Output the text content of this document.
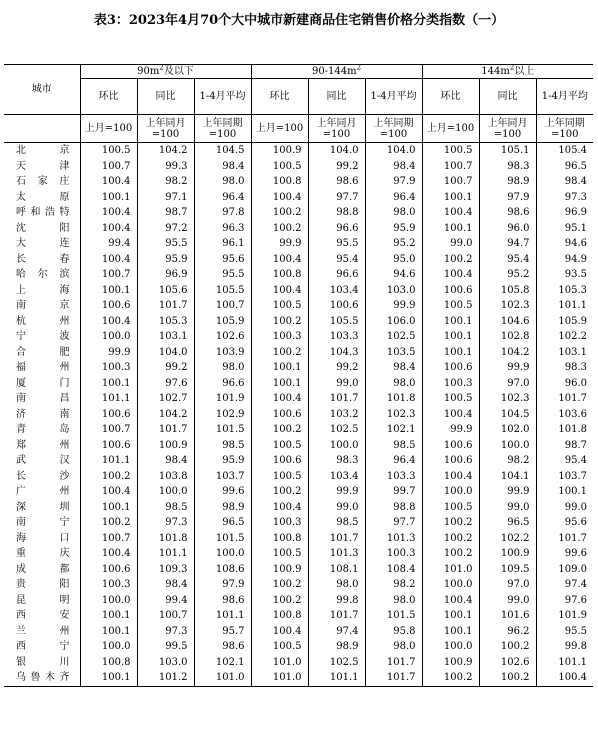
表3：2023年4月70个大中城市新建商品住宅销售价格分类指数（一）
城市	$90m^2$及以下			$90-144m^2$			$144m^2$以上		
	环比	同比	1-4月平均	环比	同比	1-4月平均	环比	同比	1-4月平均
	上月=100	上年同月=100	上年同期=100	上月=100	上年同月=100	上年同期=100	上月=100	上年同月=100	上年同期=100
北　京	100.5	104.2	104.5	100.9	104.0	104.0	100.5	105.1	105.4
天　津	100.7	99.3	98.4	100.5	99.2	98.4	100.7	98.3	96.5
石家庄	100.4	98.2	98.0	100.8	98.6	97.9	100.7	98.9	98.4
太　原	100.1	97.1	96.4	100.4	97.7	96.4	100.1	97.9	97.3
呼和浩特	100.4	98.7	97.8	100.2	98.8	98.0	100.4	98.6	96.9
沈　阳	100.4	97.2	96.3	100.2	96.6	95.9	100.1	96.0	95.1
大　连	99.4	95.5	96.1	99.9	95.5	95.2	99.0	94.7	94.6
长　春	100.4	95.9	95.6	100.4	95.4	95.0	100.2	95.4	94.9
哈尔滨	100.7	96.9	95.5	100.8	96.6	94.6	100.4	95.2	93.5
上　海	100.1	105.6	105.5	100.4	103.4	103.0	100.6	105.8	105.3
南　京	100.6	101.7	100.7	100.5	100.6	99.9	100.5	102.3	101.1
杭　州	100.4	105.3	105.9	100.2	105.5	106.0	100.1	104.6	105.9
宁　波	100.0	103.1	102.6	100.3	103.3	102.5	100.1	102.8	102.2
合　肥	99.9	104.0	103.9	100.2	104.3	103.5	100.1	104.2	103.1
福　州	100.3	99.2	98.0	100.1	99.2	98.4	100.6	99.9	98.3
厦　门	100.1	97.6	96.6	100.1	99.0	98.0	100.3	97.0	96.0
南　昌	101.1	102.7	101.9	100.4	101.7	101.8	100.5	102.3	101.7
济　南	100.6	104.2	102.9	100.6	103.2	102.3	100.4	104.5	103.6
青　岛	100.7	101.7	101.5	100.2	102.5	102.1	99.9	102.0	101.8
郑　州	100.6	100.9	98.5	100.5	100.0	98.5	100.6	100.0	98.7
武　汉	101.1	98.4	95.9	100.6	98.3	96.4	100.6	98.2	95.4
长　沙	100.2	103.8	103.7	100.5	103.4	103.3	100.4	104.1	103.7
广　州	100.4	100.0	99.6	100.2	99.9	99.7	100.0	99.9	100.1
深　圳	100.1	98.5	98.9	100.4	99.0	98.8	100.5	99.0	99.0
南　宁	100.2	97.3	96.5	100.3	98.5	97.7	100.2	96.5	95.6
海　口	100.7	101.8	101.5	100.8	101.7	101.3	100.2	102.2	101.7
重　庆	100.4	101.1	100.0	100.5	101.3	100.3	100.2	100.9	99.6
成　都	100.6	109.3	108.6	100.9	108.1	108.4	101.0	109.5	109.0
贵　阳	100.3	98.4	97.9	100.2	98.0	98.2	100.0	97.0	97.4
昆　明	100.0	99.4	98.6	100.2	99.8	98.0	100.4	99.0	97.6
西　安	100.1	100.7	101.1	100.8	101.7	101.5	100.1	101.6	101.9
兰　州	100.1	97.3	95.7	100.4	97.4	95.8	100.1	96.2	95.5
西　宁	100.0	99.5	98.6	100.5	98.9	98.0	100.0	100.2	99.8
银　川	100.8	103.0	102.1	101.0	102.5	101.7	100.9	102.6	101.1
乌鲁木齐	100.1	101.2	101.0	101.0	101.1	101.7	100.2	100.2	100.4
